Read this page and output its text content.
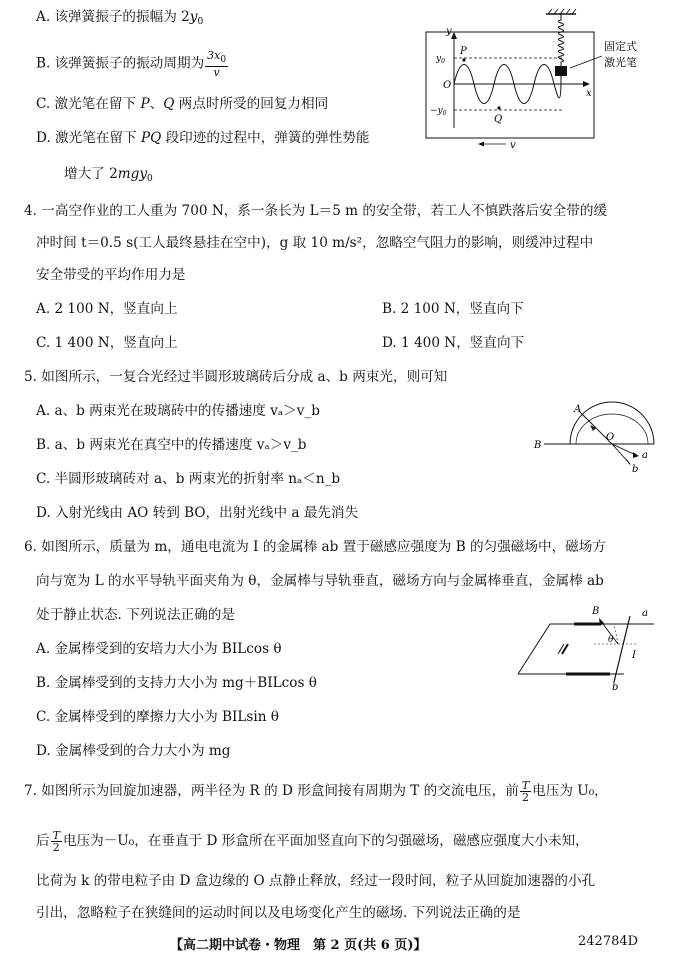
A. 该弹簧振子的振幅为 $2y_0$
B. 该弹簧振子的振动周期为 $\frac{3x_0}{v}$
C. 激光笔在留下 P、Q 两点时所受的回复力相同
D. 激光笔在留下 PQ 段印迹的过程中，弹簧的弹性势能
增大了 2mgy$_0$
y
x
$y_0$
$-y_0$
O
P
Q
v
固定式
激光笔
4. 一高空作业的工人重为 700 N，系一条长为 L＝5 m 的安全带，若工人不慎跌落后安全带的缓
冲时间 t＝0.5 s(工人最终悬挂在空中)，g 取 10 m/s²，忽略空气阻力的影响，则缓冲过程中
安全带受的平均作用力是
A. 2 100 N，竖直向上	B. 2 100 N，竖直向下
C. 1 400 N，竖直向上	D. 1 400 N，竖直向下
5. 如图所示，一复合光经过半圆形玻璃砖后分成 a、b 两束光，则可知
A. a、b 两束光在玻璃砖中的传播速度 vₐ＞v_b
B. a、b 两束光在真空中的传播速度 vₐ＞v_b
C. 半圆形玻璃砖对 a、b 两束光的折射率 nₐ＜n_b
D. 入射光线由 AO 转到 BO，出射光线中 a 最先消失
A
B
O
a
b
6. 如图所示，质量为 m，通电电流为 I 的金属棒 ab 置于磁感应强度为 B 的匀强磁场中，磁场方
向与宽为 L 的水平导轨平面夹角为 θ，金属棒与导轨垂直，磁场方向与金属棒垂直，金属棒 ab
处于静止状态. 下列说法正确的是
A. 金属棒受到的安培力大小为 BILcos θ
B. 金属棒受到的支持力大小为 mg＋BILcos θ
C. 金属棒受到的摩擦力大小为 BILsin θ
D. 金属棒受到的合力大小为 mg
B	a
b
θ
I
7. 如图所示为回旋加速器，两半径为 R 的 D 形盒间接有周期为 T 的交流电压，前 $\frac{T}{2}$ 电压为 U₀，
后 $\frac{T}{2}$ 电压为－U₀，在垂直于 D 形盒所在平面加竖直向下的匀强磁场，磁感应强度大小未知，
比荷为 k 的带电粒子由 D 盒边缘的 O 点静止释放，经过一段时间，粒子从回旋加速器的小孔
引出，忽略粒子在狭缝间的运动时间以及电场变化产生的磁场. 下列说法正确的是
【高二期中试卷・物理　第 2 页(共 6 页)】	242784D
